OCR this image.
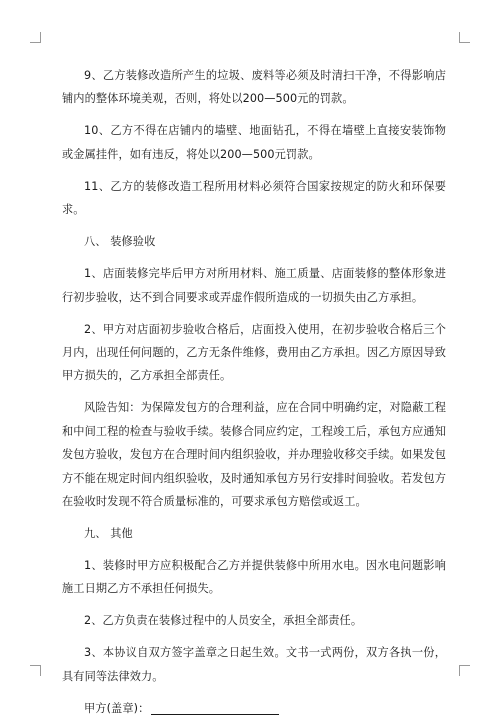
9、乙方装修改造所产生的垃圾、废料等必须及时清扫干净，不得影响店铺内的整体环境美观，否则，将处以200—500元的罚款。

10、乙方不得在店铺内的墙壁、地面钻孔，不得在墙壁上直接安装饰物或金属挂件，如有违反，将处以200—500元罚款。

11、乙方的装修改造工程所用材料必须符合国家按规定的防火和环保要求。

八、 装修验收

1、店面装修完毕后甲方对所用材料、施工质量、店面装修的整体形象进行初步验收，达不到合同要求或弄虚作假所造成的一切损失由乙方承担。

2、甲方对店面初步验收合格后，店面投入使用，在初步验收合格后三个月内，出现任何问题的，乙方无条件维修，费用由乙方承担。因乙方原因导致甲方损失的，乙方承担全部责任。

风险告知：为保障发包方的合理利益，应在合同中明确约定，对隐蔽工程和中间工程的检查与验收手续。装修合同应约定，工程竣工后，承包方应通知发包方验收，发包方在合理时间内组织验收，并办理验收移交手续。如果发包方不能在规定时间内组织验收，及时通知承包方另行安排时间验收。若发包方在验收时发现不符合质量标准的，可要求承包方赔偿或返工。

九、 其他

1、装修时甲方应积极配合乙方并提供装修中所用水电。因水电问题影响施工日期乙方不承担任何损失。

2、乙方负责在装修过程中的人员安全，承担全部责任。

3、本协议自双方签字盖章之日起生效。文书一式两份，双方各执一份，具有同等法律效力。

甲方(盖章)：
